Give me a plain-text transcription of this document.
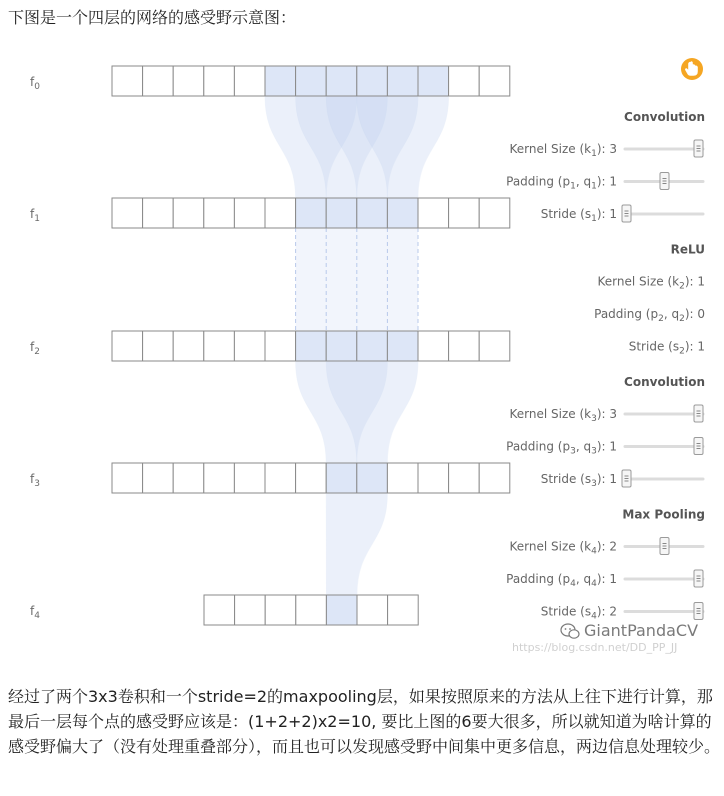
下图是一个四层的网络的感受野示意图：

$f_0$
$f_1$
$f_2$
$f_3$
$f_4$
Convolution
Kernel Size $(k_1)$: 3
Padding ($p_1$, $q_1$): 1
Stride $(s_1)$: 1
ReLU
Kernel Size $(k_2)$: 1
Padding ($p_2$, $q_2$): 0
Stride $(s_2)$: 1
Convolution
Kernel Size $(k_3)$: 3
Padding ($p_3$, $q_3$): 1
Stride $(s_3)$: 1
Max Pooling
Kernel Size $(k_4)$: 2
Padding ($p_4$, $q_4$): 1
Stride $(s_4)$: 2
GiantPandaCV
https://blog.csdn.net/DD_PP_JJ

经过了两个3x3卷积和一个stride=2的maxpooling层，如果按照原来的方法从上往下进行计算，那最后一层每个点的感受野应该是：(1+2+2)x2=10, 要比上图的6要大很多，所以就知道为啥计算的感受野偏大了（没有处理重叠部分），而且也可以发现感受野中间集中更多信息，两边信息处理较少。
